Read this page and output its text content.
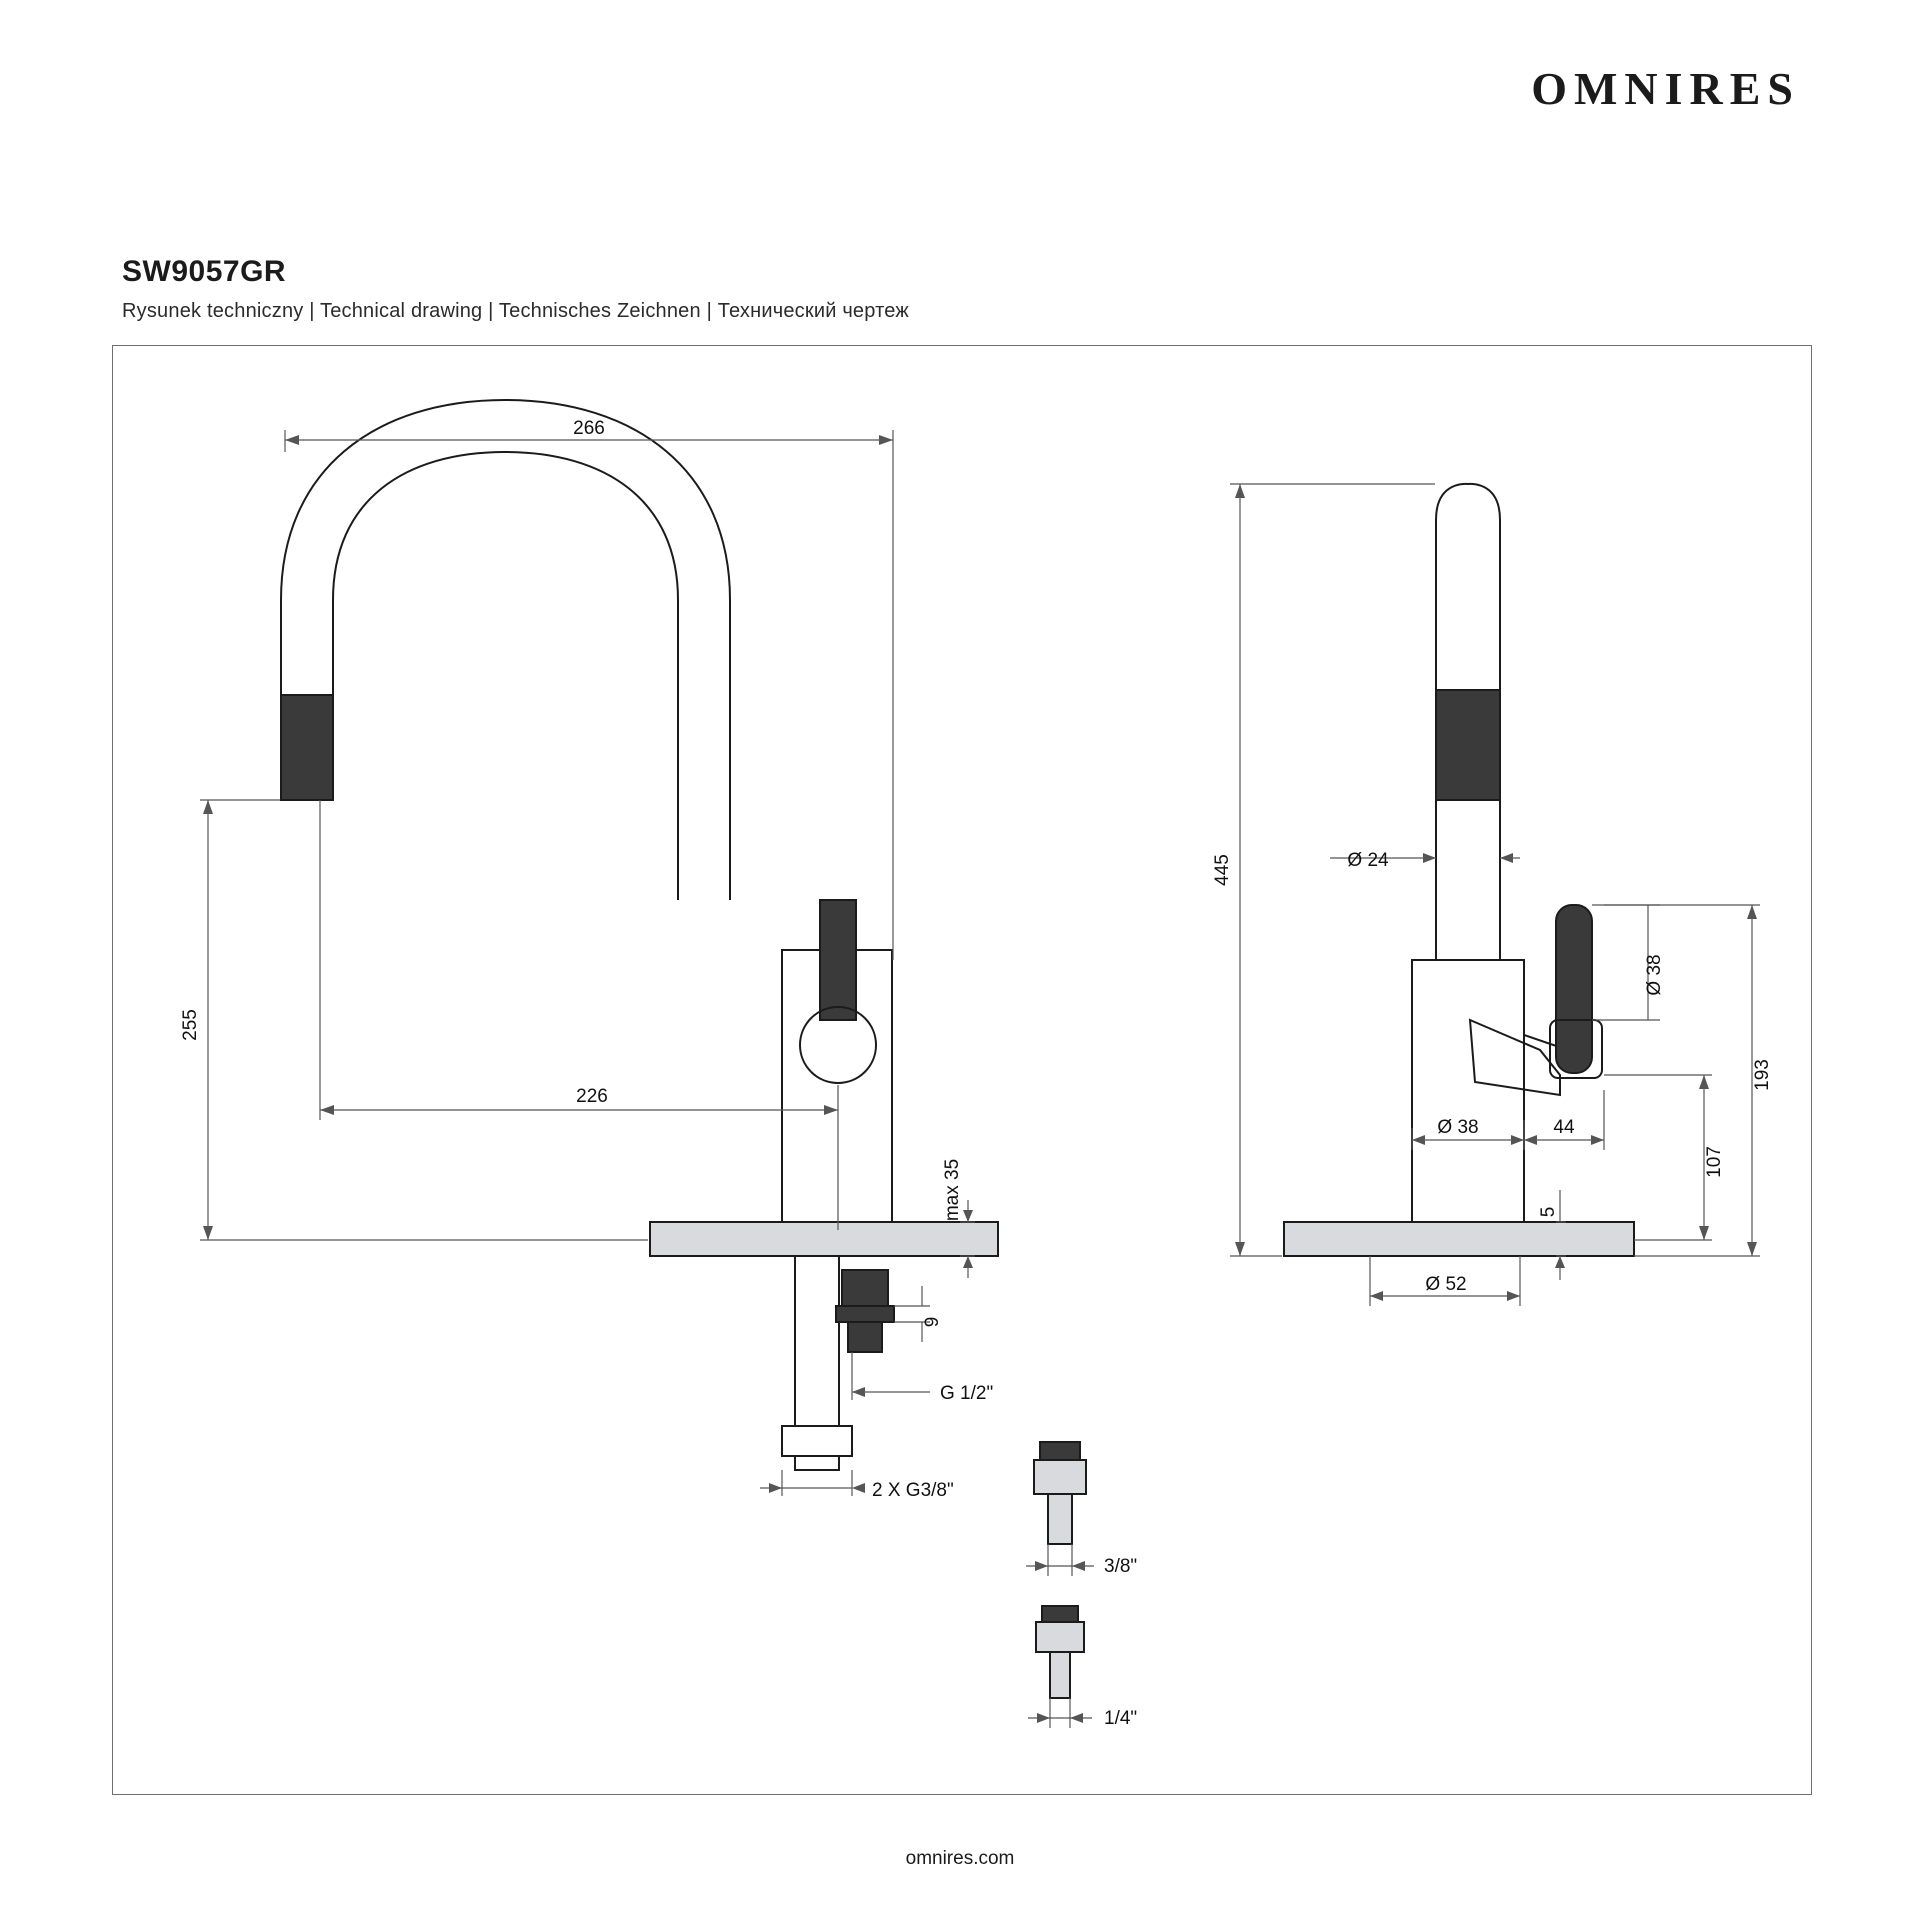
OMNIRES
SW9057GR
Rysunek techniczny | Technical drawing | Technisches Zeichnen | Технический чертеж
266
255
226
max 35
9
G 1/2"
2 X G3/8"
445	Ø 24
Ø 38
Ø 38	44
193
107
5
Ø 52
3/8"
1/4"
omnires.com
